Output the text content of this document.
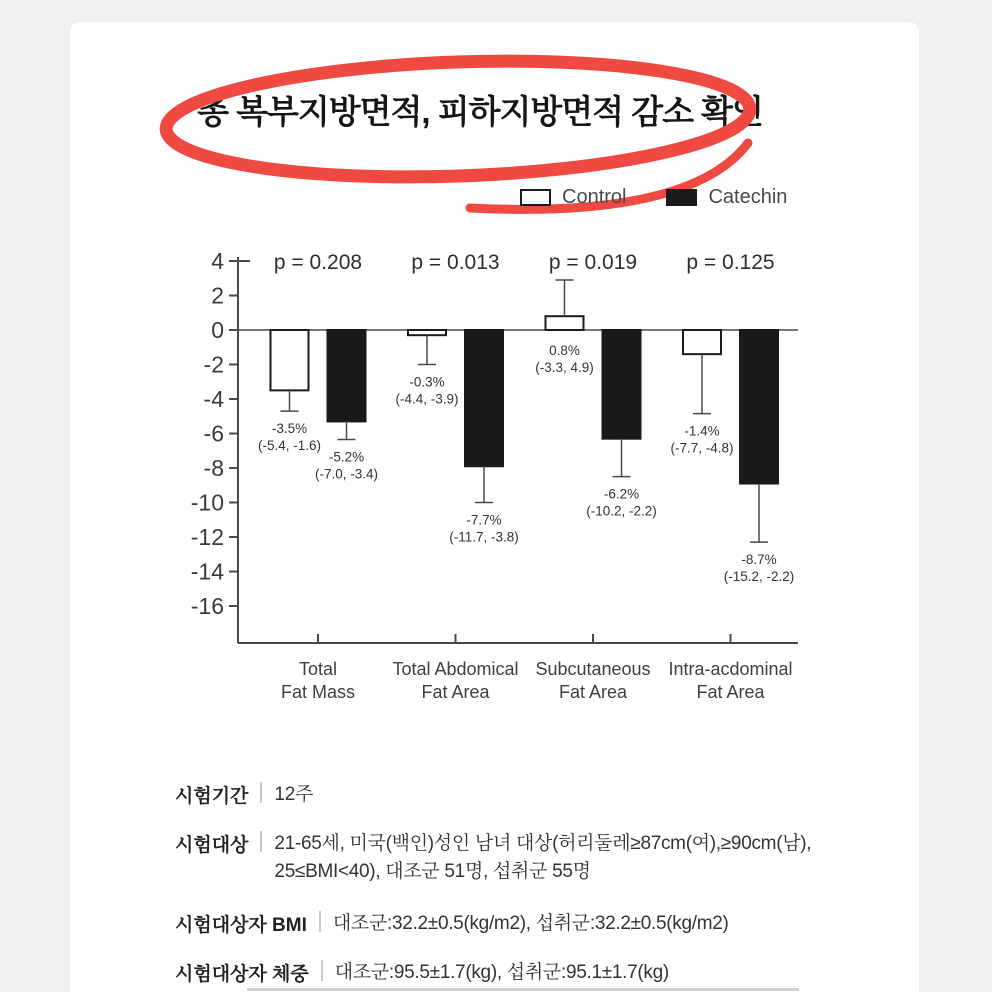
총 복부지방면적, 피하지방면적 감소 확인
Control	Catechin
4
2
0
-2
-4
-6
-8
-10
-12
-14
-16
p = 0.208 p = 0.013 p = 0.019 p = 0.125
-3.5%
(-5.4, -1.6)
-0.3%
(-4.4, -3.9)
0.8%
(-3.3, 4.9)
-1.4%
(-7.7, -4.8)
-5.2%
(-7.0, -3.4)
-7.7%
(-11.7, -3.8)
-6.2%
(-10.2, -2.2)
-8.7%
(-15.2, -2.2)
Total
Fat Mass
Total Abdomical
Fat Area
Subcutaneous
Fat Area
Intra-acdominal
Fat Area
시험기간 12주
시험대상 21-65세, 미국(백인)성인 남녀 대상(허리둘레≥87cm(여),≥90cm(남),
25≤BMI<40), 대조군 51명, 섭취군 55명
시험대상자 BMI 대조군:32.2±0.5(kg/m2), 섭취군:32.2±0.5(kg/m2)
시험대상자 체중 대조군:95.5±1.7(kg), 섭취군:95.1±1.7(kg)
